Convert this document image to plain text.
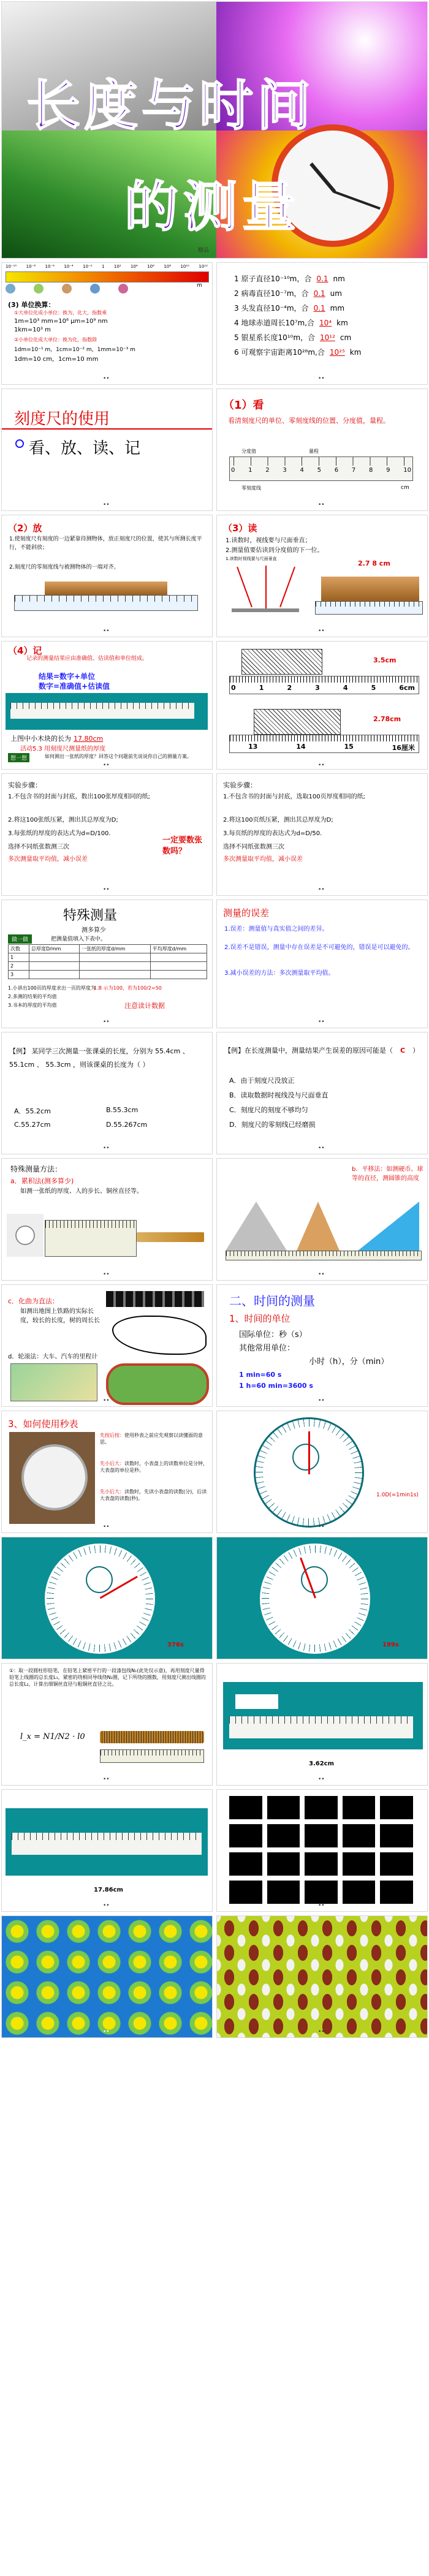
长度与时间
的测量
精品
10⁻¹⁰ 10⁻⁸ 10⁻⁶ 10⁻⁴ 10⁻² 1 10² 10⁴ 10⁶ 10⁸ 10¹⁰ 10¹²
m
(3) 单位换算：
①大单位化成小单位：换为，化大，指数乘
1m=10³ mm=10⁶ μm=10⁹ nm
1km=10³ m
②小单位化成大单位：换为化，指数除
1dm=10⁻¹ m，1cm=10⁻² m，1mm=10⁻³ m
1dm=10 cm，1cm=10 mm
••
1 原子直径10⁻¹⁰m，合 0.1 nm
2 病毒直径10⁻⁷m，合 0.1 um
3 头发直径10⁻⁴m，合 0.1 mm
4 地球赤道周长10⁷m,合 10⁴ km
5 银星系长度10¹⁰m，合 10¹² cm
6 可观察宇宙距离10²⁸m,合 10²⁵ km
••
刻度尺的使用
看、放、读、记
••
（1）看
看清刻度尺的单位、零刻度线的位置、分度值，量程。
0 1 2 3 4 5 6 7 8 9 10
分度值	量程
零刻度线	cm
••
（2）放
1.使刻度尺有刻度的一边紧靠待测物体，放正刻度尺的位置，使其与所测长度平行，不能斜放；
2.刻度尺的零刻度线与被测物体的一端对齐。
••
（3）读
1.读数时，视线要与尺面垂直；
2.测量值要估读到分度值的下一位。
1.读数时视线要与尺面垂直
2.7 8 cm
••
（4）记
记录的测量结果应由准确值、估读值和单位组成。
结果=数字+单位
数字=准确值+估读值
上图中小木块的长为 17.80cm
活动5.3 用刻度尺测量纸的厚度
想一想	如何测出一张纸的厚度？回答这个问题前先说说你自己的测量方案。
••
3.5cm
0	1	2	3	4	5	6cm
2.78cm
13	14	15	16厘米
••
实验步骤：
1.不包含书的封面与封底，数出100张厚度相同的纸;
2.将这100张纸压紧，测出其总厚度为D;
3.每张纸的厚度的表达式为d=D/100.
选择不同纸张数测三次
多次测量取平均值，减小误差
一定要数张数吗？
••
实验步骤：
1.不包含书的封面与封底，选取100页厚度相同的纸;
2.将这100页纸压紧，测出其总厚度为D;
3.每页纸的厚度的表达式为d=D/50.
选择不同纸张数测三次
多次测量取平均值，减小误差
••
特殊测量
测多算少
做一做	把测量值填入下表中。
次数	总厚度D/mm	一张纸的厚度d/mm	平均厚度d/mm
1			
2			
3			
1.小讲出100页的厚度求出一页的厚度为
2.多测的结果的平均值
3.书本的厚度的平均值	注意读计数据
1.B 示为100，若为100/2=50
••
测量的误差
1.误差：测量值与真实值之间的差异。
2.误差不是错误，测量中存在误差是不可避免的，错误是可以避免的。
3.减小误差的方法：多次测量取平均值。
••
【例】 某同学三次测量一张课桌的长度，分别为 55.4cm 、 55.1cm 、 55.3cm ，则该课桌的长度为（ ）
A．55.2cm	B.55.3cm
C.55.27cm	D.55.267cm
••
【例】在长度测量中，测量结果产生误差的原因可能是（ C ）
A．由于刻度尺没放正
B．读取数据时视线没与尺面垂直
C．刻度尺的刻度不够均匀
D．刻度尺的零刻线已经磨损
••
特殊测量方法：
a．累积法(测多算少)
如测一张纸的厚度、人的步长、铜丝直径等。
••
b．平移法：如测硬币、球等的直径，测圆锥的高度
••
c．化曲为直法：
如测出地图上铁路的实际长度，较长的长度，树的周长长
d．轮滚法：大车、汽车的里程计
••
二、时间的测量
1、时间的单位
国际单位：秒（s）
其他常用单位：
小时（h），分（min）
1 min=60 s
1 h=60 min=3600 s
••
3、如何使用秒表
先按后按：使用秒表之前应先观察以读懂面的意思。
先小后大：读数时，小表盘上的读数单位是分钟，大表盘的单位是秒。
先小后大：读数时，先读小表盘的读数(分)，后读大表盘的读数(秒)。
••
1.0D(=1min1s)
••
376s
••
199s
••
①：取一段圆柱形铅笔，在铅笔上紧密平行的一段漆包线N₁(此处仅示意)，再用刻度尺量得铅笔上线圈的总长度L₁，紧密的绕相同导线绕N₂圈，记下所绕的圈数，用刻度尺测出线圈的总长度L₂，计算出细铜丝直径与粗铜丝直径之比。
l_x = N1/N2 · l0
••
3.62cm
••
17.86cm
••	••
••	••
